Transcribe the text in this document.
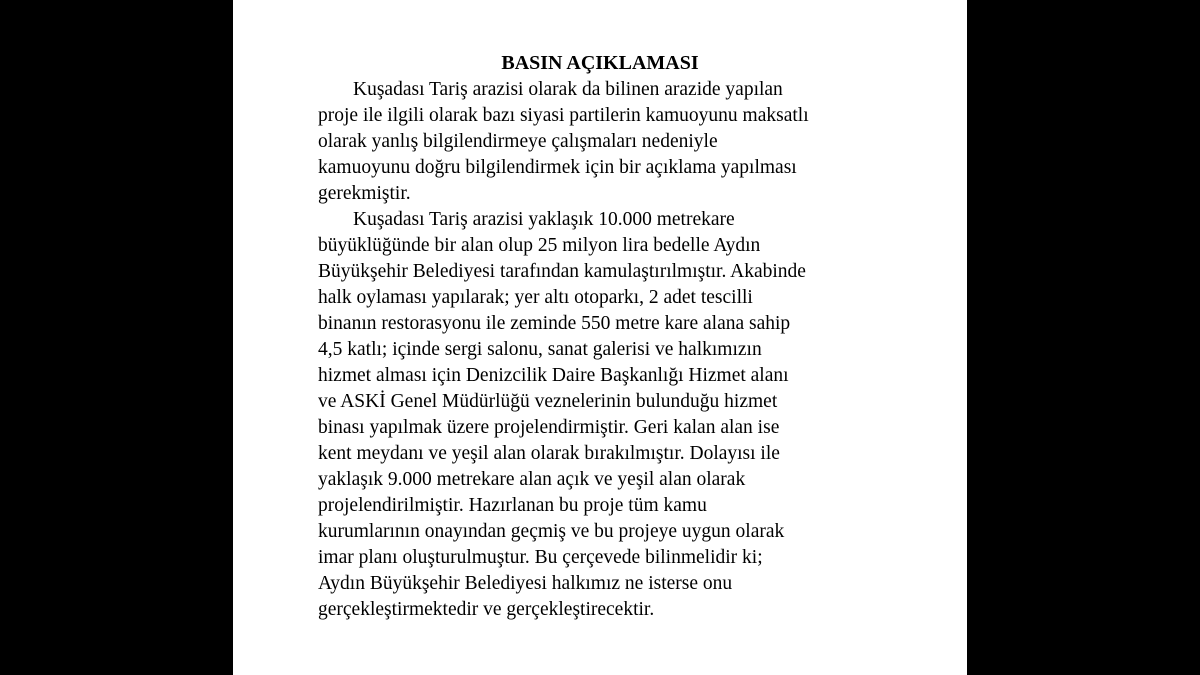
BASIN AÇIKLAMASI

Kuşadası Tariş arazisi olarak da bilinen arazide yapılan

proje ile ilgili olarak bazı siyasi partilerin kamuoyunu maksatlı

olarak yanlış bilgilendirmeye çalışmaları nedeniyle

kamuoyunu doğru bilgilendirmek için bir açıklama yapılması

gerekmiştir.

Kuşadası Tariş arazisi yaklaşık 10.000 metrekare

büyüklüğünde bir alan olup 25 milyon lira bedelle Aydın

Büyükşehir Belediyesi tarafından kamulaştırılmıştır. Akabinde

halk oylaması yapılarak; yer altı otoparkı, 2 adet tescilli

binanın restorasyonu ile zeminde 550 metre kare alana sahip

4,5 katlı; içinde sergi salonu, sanat galerisi ve halkımızın

hizmet alması için Denizcilik Daire Başkanlığı Hizmet alanı

ve ASKİ Genel Müdürlüğü veznelerinin bulunduğu hizmet

binası yapılmak üzere projelendirmiştir. Geri kalan alan ise

kent meydanı ve yeşil alan olarak bırakılmıştır. Dolayısı ile

yaklaşık 9.000 metrekare alan açık ve yeşil alan olarak

projelendirilmiştir. Hazırlanan bu proje tüm kamu

kurumlarının onayından geçmiş ve bu projeye uygun olarak

imar planı oluşturulmuştur. Bu çerçevede bilinmelidir ki;

Aydın Büyükşehir Belediyesi halkımız ne isterse onu

gerçekleştirmektedir ve gerçekleştirecektir.
